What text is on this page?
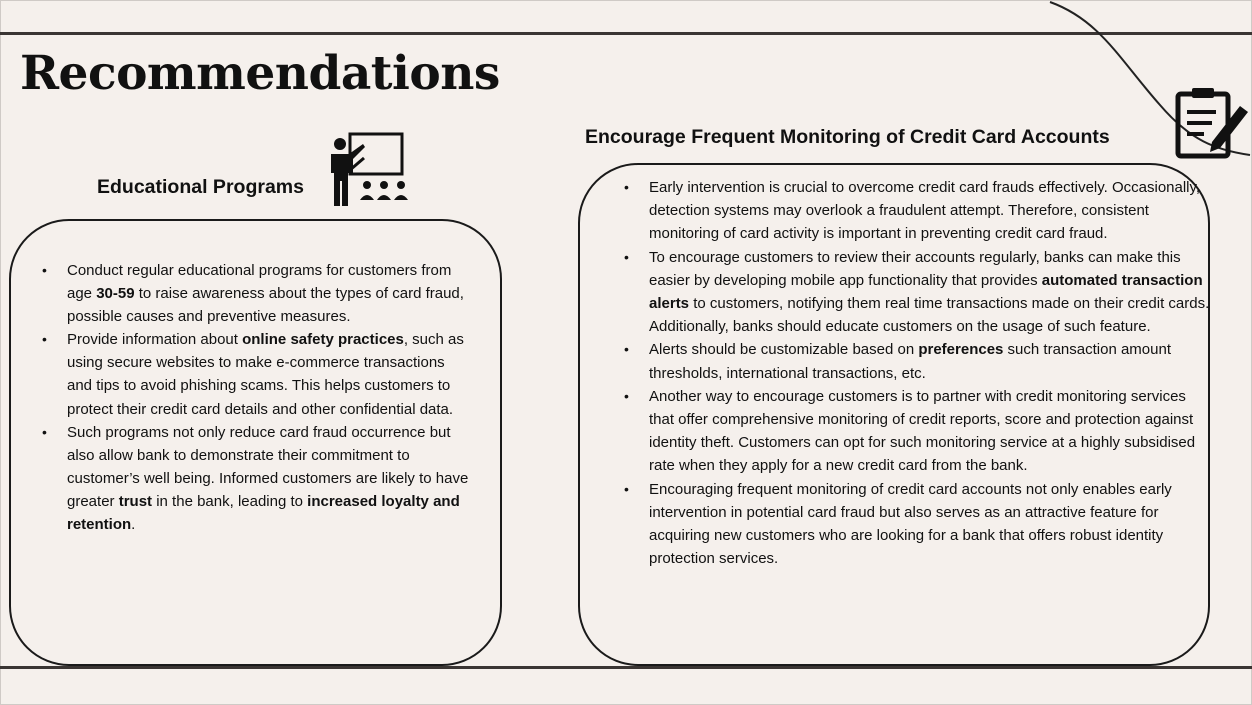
Recommendations
Educational Programs
Encourage Frequent Monitoring of Credit Card Accounts
• Conduct regular educational programs for customers from age 30-59 to raise awareness about the types of card fraud, possible causes and preventive measures.
• Provide information about online safety practices, such as using secure websites to make e-commerce transactions and tips to avoid phishing scams. This helps customers to protect their credit card details and other confidential data.
• Such programs not only reduce card fraud occurrence but also allow bank to demonstrate their commitment to customer’s well being. Informed customers are likely to have greater trust in the bank, leading to increased loyalty and retention.
• Early intervention is crucial to overcome credit card frauds effectively. Occasionally, detection systems may overlook a fraudulent attempt. Therefore, consistent monitoring of card activity is important in preventing credit card fraud.
• To encourage customers to review their accounts regularly, banks can make this easier by developing mobile app functionality that provides automated transaction alerts to customers, notifying them real time transactions made on their credit cards. Additionally, banks should educate customers on the usage of such feature.
• Alerts should be customizable based on preferences such transaction amount thresholds, international transactions, etc.
• Another way to encourage customers is to partner with credit monitoring services that offer comprehensive monitoring of credit reports, score and protection against identity theft. Customers can opt for such monitoring service at a highly subsidised rate when they apply for a new credit card from the bank.
• Encouraging frequent monitoring of credit card accounts not only enables early intervention in potential card fraud but also serves as an attractive feature for acquiring new customers who are looking for a bank that offers robust identity protection services.
